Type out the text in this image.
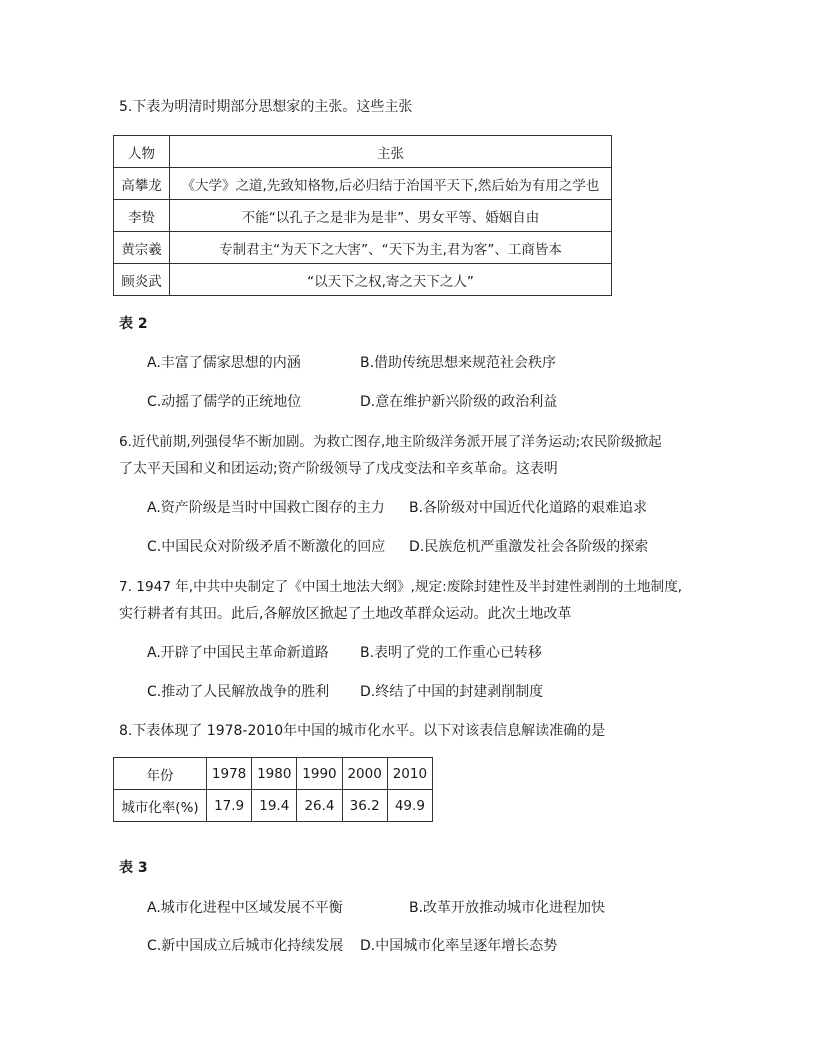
5.下表为明清时期部分思想家的主张。这些主张
人物	主张
高攀龙	《大学》之道,先致知格物,后必归结于治国平天下,然后始为有用之学也
李贽	不能“以孔子之是非为是非”、男女平等、婚姻自由
黄宗羲	专制君主“为天下之大害”、“天下为主,君为客”、工商皆本
顾炎武	“以天下之权,寄之天下之人”
表 2
A.丰富了儒家思想的内涵	B.借助传统思想来规范社会秩序
C.动摇了儒学的正统地位	D.意在维护新兴阶级的政治利益
6.近代前期,列强侵华不断加剧。为救亡图存,地主阶级洋务派开展了洋务运动;农民阶级掀起
了太平天国和义和团运动;资产阶级领导了戊戌变法和辛亥革命。这表明
A.资产阶级是当时中国救亡图存的主力 B.各阶级对中国近代化道路的艰难追求
C.中国民众对阶级矛盾不断激化的回应 D.民族危机严重激发社会各阶级的探索
7. 1947 年,中共中央制定了《中国土地法大纲》,规定:废除封建性及半封建性剥削的土地制度,
实行耕者有其田。此后,各解放区掀起了土地改革群众运动。此次土地改革
A.开辟了中国民主革命新道路 B.表明了党的工作重心已转移
C.推动了人民解放战争的胜利 D.终结了中国的封建剥削制度
8.下表体现了 1978-2010年中国的城市化水平。以下对该表信息解读准确的是
年份	1978	1980	1990	2000	2010
城市化率(%)	17.9	19.4	26.4	36.2	49.9
表 3
A.城市化进程中区域发展不平衡	B.改革开放推动城市化进程加快
C.新中国成立后城市化持续发展 D.中国城市化率呈逐年增长态势
